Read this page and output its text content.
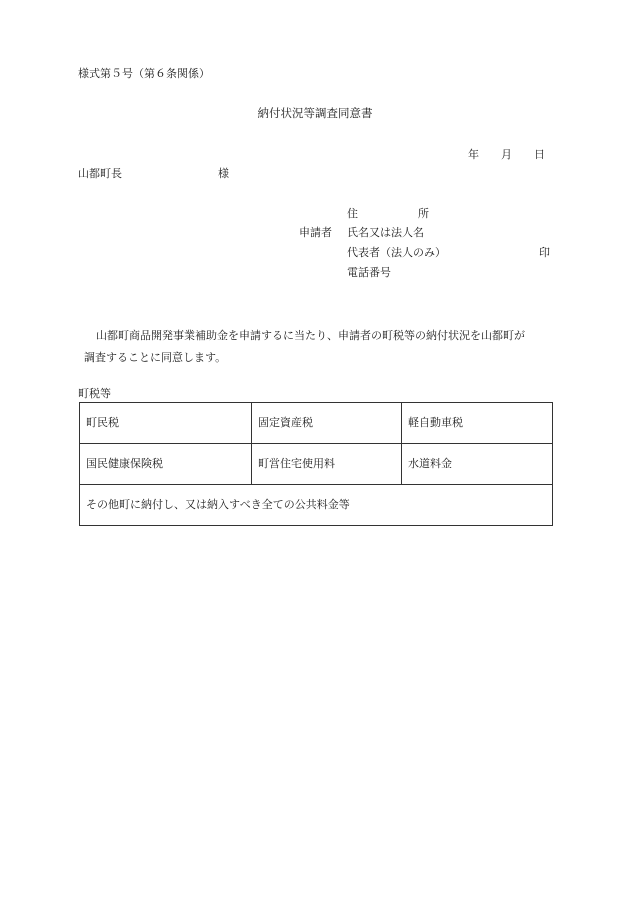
様式第５号（第６条関係）
納付状況等調査同意書
年 月 日
山都町長	様
申請者
住	所
氏名又は法人名
代表者（法人のみ）
電話番号
印

山都町商品開発事業補助金を申請するに当たり、申請者の町税等の納付状況を山都町が

調査することに同意します。

町税等
町民税	固定資産税	軽自動車税
国民健康保険税	町営住宅使用料	水道料金
その他町に納付し、又は納入すべき全ての公共料金等		
